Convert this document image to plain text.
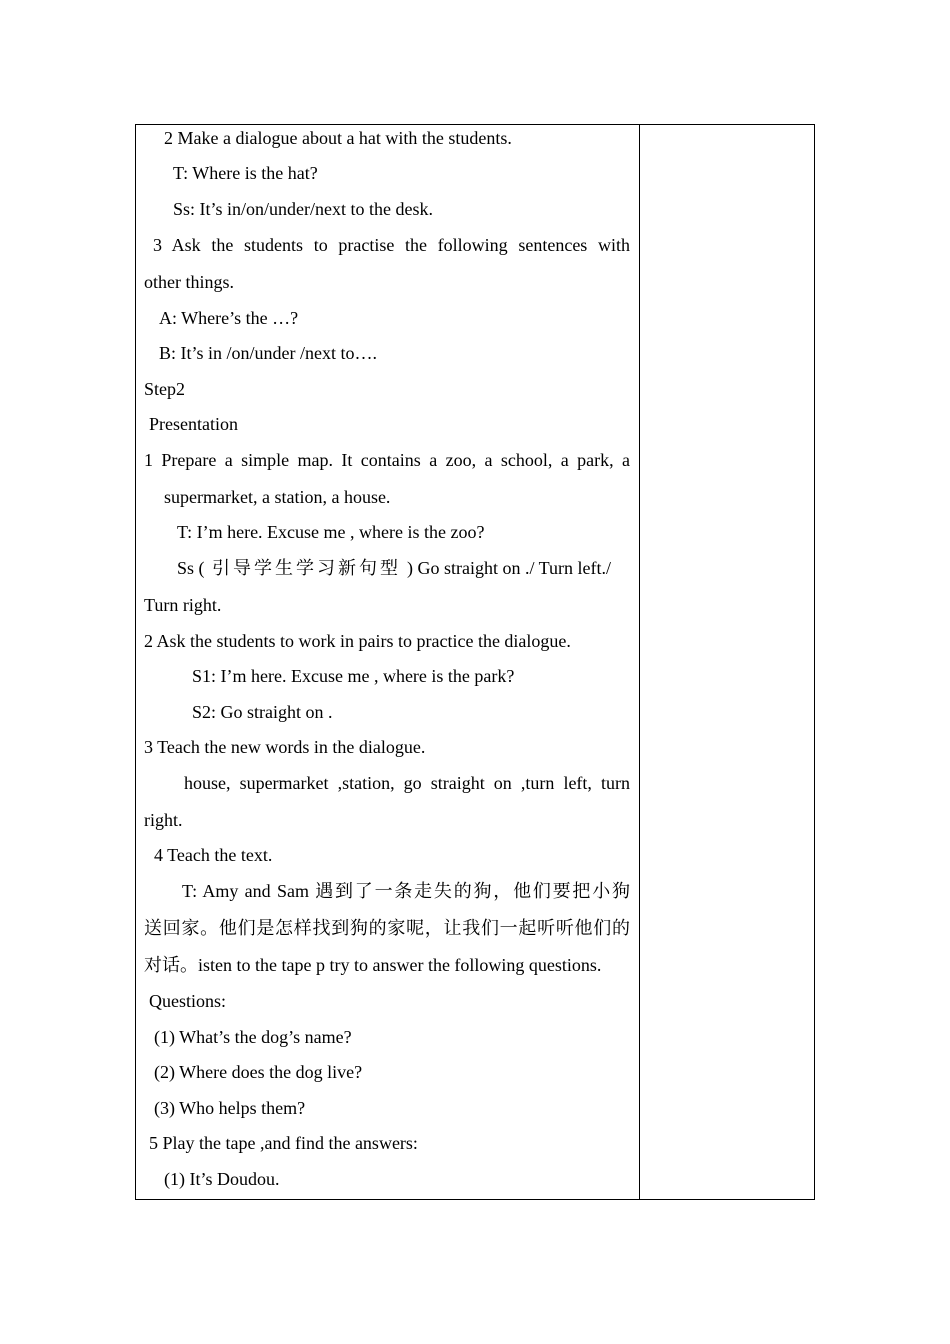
2 Make a dialogue about a hat with the students.
T: Where is the hat?
Ss: It’s in/on/under/next to the desk.
3 Ask the students to practise the following sentences with
other things.
A: Where’s the …?
B: It’s in /on/under /next to….
Step2
Presentation
1 Prepare a simple map. It contains a zoo, a school, a park, a
supermarket, a station, a house.
T: I’m here. Excuse me , where is the zoo?
Ss ( 引导学生学习新句型 ) Go straight on ./ Turn left./
Turn right.
2 Ask the students to work in pairs to practice the dialogue.
S1: I’m here. Excuse me , where is the park?
S2: Go straight on .
3 Teach the new words in the dialogue.
house, supermarket ,station, go straight on ,turn left, turn
right.
4 Teach the text.
T: Amy and Sam 遇到了一条走失的狗，他们要把小狗
送回家。他们是怎样找到狗的家呢，让我们一起听听他们的
对话。isten to the tape p try to answer the following questions.
Questions:
(1) What’s the dog’s name?
(2) Where does the dog live?
(3) Who helps them?
5 Play the tape ,and find the answers:
(1) It’s Doudou.
